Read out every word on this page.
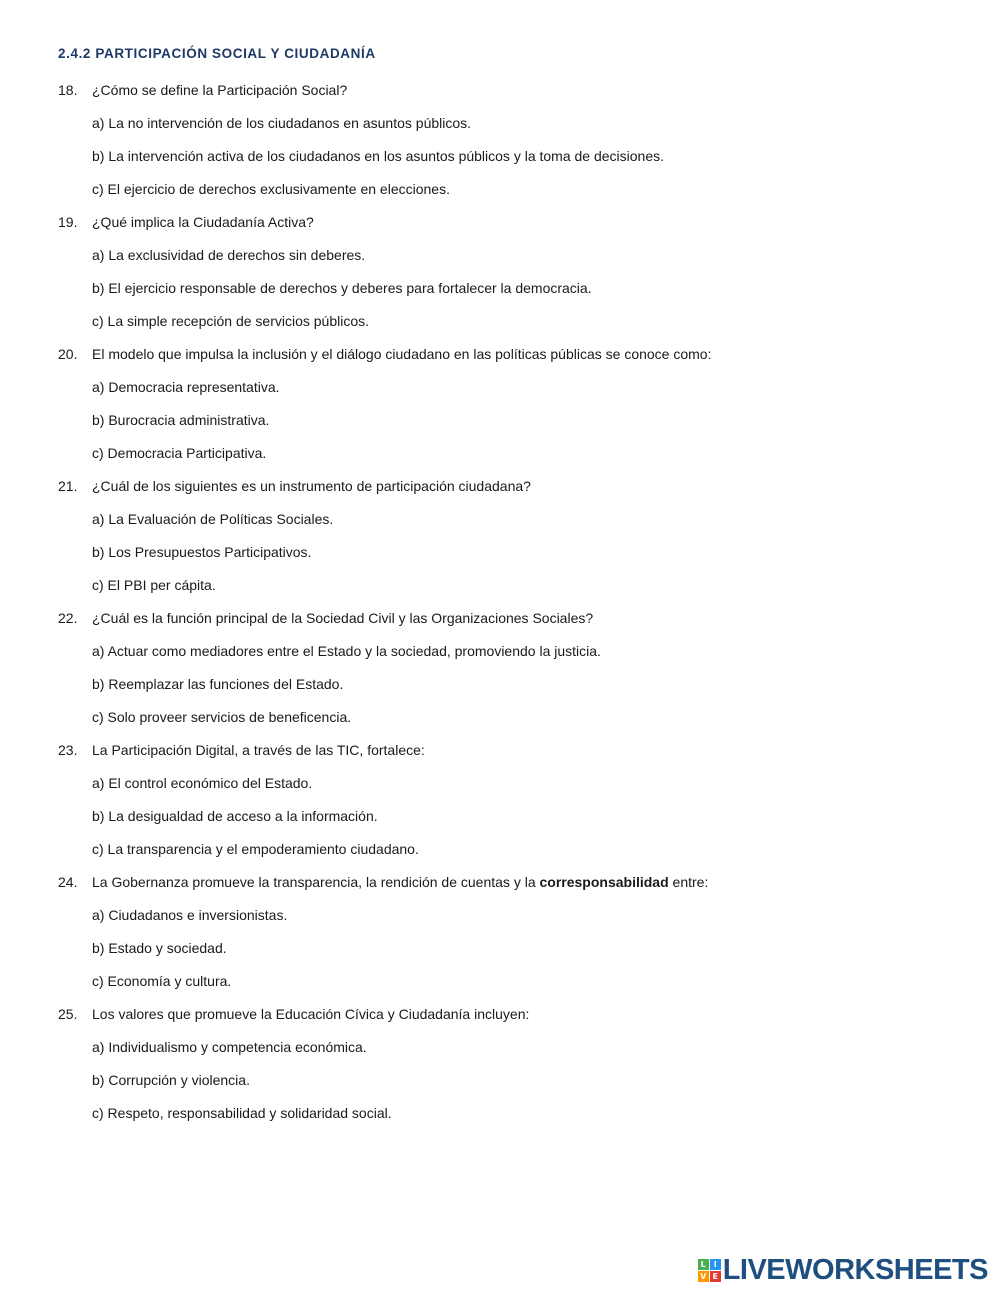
2.4.2 PARTICIPACIÓN SOCIAL Y CIUDADANÍA
18. ¿Cómo se define la Participación Social?
a) La no intervención de los ciudadanos en asuntos públicos.
b) La intervención activa de los ciudadanos en los asuntos públicos y la toma de decisiones.
c) El ejercicio de derechos exclusivamente en elecciones.
19. ¿Qué implica la Ciudadanía Activa?
a) La exclusividad de derechos sin deberes.
b) El ejercicio responsable de derechos y deberes para fortalecer la democracia.
c) La simple recepción de servicios públicos.
20. El modelo que impulsa la inclusión y el diálogo ciudadano en las políticas públicas se conoce como:
a) Democracia representativa.
b) Burocracia administrativa.
c) Democracia Participativa.
21. ¿Cuál de los siguientes es un instrumento de participación ciudadana?
a) La Evaluación de Políticas Sociales.
b) Los Presupuestos Participativos.
c) El PBI per cápita.
22. ¿Cuál es la función principal de la Sociedad Civil y las Organizaciones Sociales?
a) Actuar como mediadores entre el Estado y la sociedad, promoviendo la justicia.
b) Reemplazar las funciones del Estado.
c) Solo proveer servicios de beneficencia.
23. La Participación Digital, a través de las TIC, fortalece:
a) El control económico del Estado.
b) La desigualdad de acceso a la información.
c) La transparencia y el empoderamiento ciudadano.
24. La Gobernanza promueve la transparencia, la rendición de cuentas y la corresponsabilidad entre:
a) Ciudadanos e inversionistas.
b) Estado y sociedad.
c) Economía y cultura.
25. Los valores que promueve la Educación Cívica y Ciudadanía incluyen:
a) Individualismo y competencia económica.
b) Corrupción y violencia.
c) Respeto, responsabilidad y solidaridad social.
L I
V E LIVEWORKSHEETS
